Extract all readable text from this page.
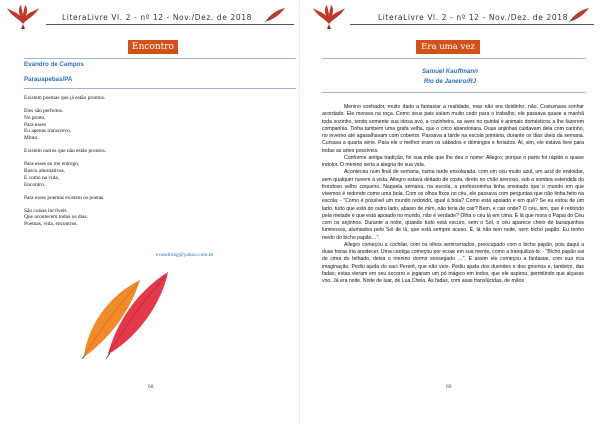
LiteraLivre Vl. 2 - nº 12 - Nov./Dez. de 2018
Encontro
Evandro de Campos
Parauapebas/PA
Existem poemas que já estão prontos.
Eles são perfeitos.
No ponto.
Para esses
Eu apenas transcrevo,
Minto.
Existem outros que não estão prontos.
Para esses eu me entrego,
Busco alternativas.
E como na vida,
Encontro.
Para esses poemas existem os poetas.
São coisas incríveis
Que acontecem todos os dias.
Poemas, vida, encontros.
evandrokg@yahoo.com.br
68
LiteraLivre Vl. 2 - nº 12 - Nov./Dez. de 2018
Era uma vez ...
Samuel Kauffmann
Rio de Janeiro/RJ

Menino sonhador, muito dado a fantasiar a realidade, mas não era doidinho, não. Costumava sonhar acordado. Ele morava na roça. Como seus pais saíam muito cedo para o trabalho, ele passava quase a manhã toda sozinho, tendo somente sua idosa avó, a cozinheira, as aves no quintal e animais domésticos a lhe fazerem companhia. Tinha também uma grafa velha, que o circo abandonara. Duas anjinhas cuidavam dela com carinho, no inverno até agasalhavam com cobertor. Passava a tarde na escola primária, durante os dias úteis da semana. Cursava a quarta série. Para ele o melhor eram os sábados e domingos e feriados. Aí, sim, ele estava livre para todas as artes possíveis.

Conforme antiga tradição, foi sua mãe que lhe deu o nome: Allegro; porque o parto foi rápido e quase indolor. O menino seria a alegria de sua vida.

Aconteceu num final de semana, numa tarde ensolarada, com um céu muito azul, um azul de endoidar, sem qualquer nuvem à vista. Allegro estava deitado de costa, direto no chão arenoso, sob a sombra estendida do frondoso velho coqueiro. Naquela semana, na escola, a professorinha tinha ensinado que o mundo em que vivemos é redondo como uma bola. Com os olhos fixos no céu, ele passava com perguntas que não tinha feito na escola: - “Como é possível um mundo redondo, igual à bola? Como está apoiado e em quê? Se eu estou de um lado, tudo que está do outro lado, abaixo de mim, não teria de cair? Bem, e cair onde? O céu, sim, que é redondo pela metade é que está apoiado no mundo, não é verdade? Olha o céu lá em cima. É lá que mora o Papai do Céu com os anjinhos. Durante a noite, quando tudo está escuro, sem o Sol, o céu aparece cheio de buraquinhos luminosos, alumiados pelo Sol de lá, que está sempre aceso. É, lá não tem noite, nem bicho papão. Eu tenho medo do bicho papão…”.

Allegro começou a cochilar, com os olhos semicerrados, preocupado com o bicho papão, pois daqui a duas horas iria anoitecer. Uma cantiga começou por ecoar em sua mente, como a tranquilizá-lo: - “Bicho papão sai de cima do telhado, deixa o menino dormir sossegado …”. E assim ele começou a fantasiar, com sua rica imaginação. Pediu ajuda do saci Pererê, que não veio. Pediu ajuda dos duendes e dos gnomos e, também, das fadas; estas vieram em seu socorro e jogaram um pó mágico em todos, que ele aspirou, permitindo que alçasse voo. Já era noite. Noite de luar, de Lua Cheia. As fadas, com asas translúcidas, de mãos

69
